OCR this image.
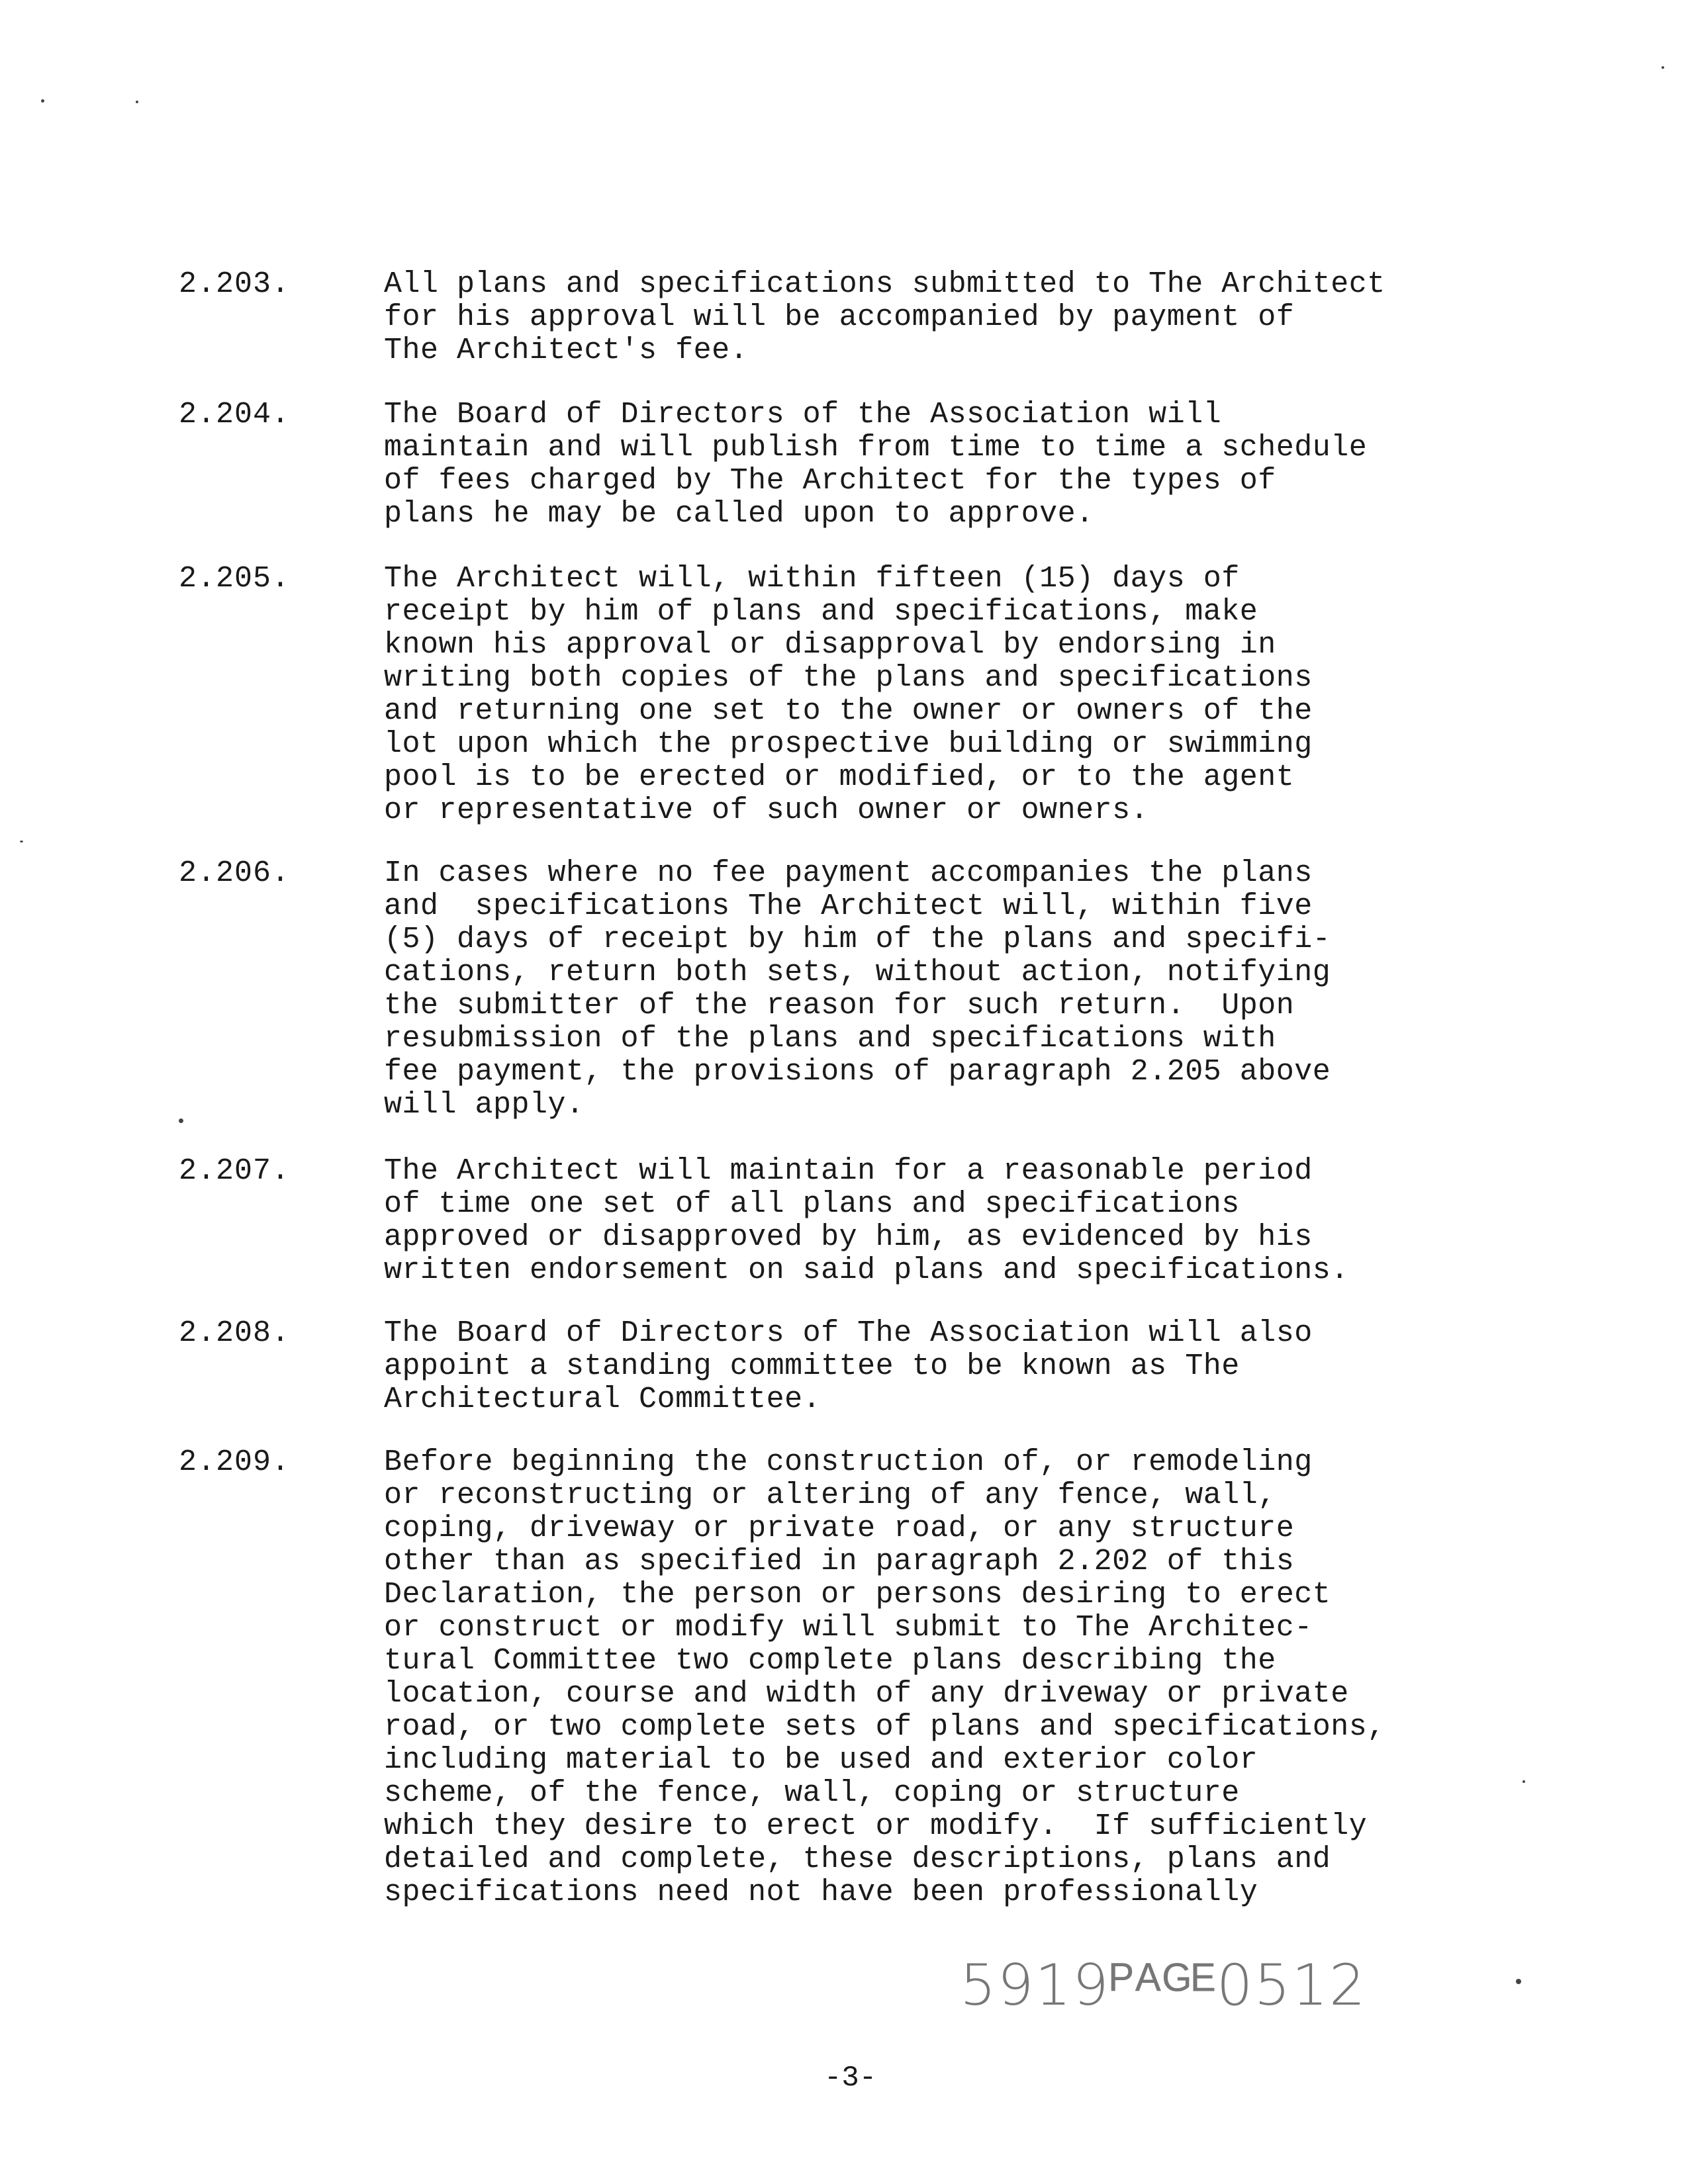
2.203.	All plans and specifications submitted to The Architect
for his approval will be accompanied by payment of
The Architect's fee.
2.204.	The Board of Directors of the Association will
maintain and will publish from time to time a schedule
of fees charged by The Architect for the types of
plans he may be called upon to approve.
2.205.	The Architect will, within fifteen (15) days of
receipt by him of plans and specifications, make
known his approval or disapproval by endorsing in
writing both copies of the plans and specifications
and returning one set to the owner or owners of the
lot upon which the prospective building or swimming
pool is to be erected or modified, or to the agent
or representative of such owner or owners.
2.206.	In cases where no fee payment accompanies the plans
and  specifications The Architect will, within five
(5) days of receipt by him of the plans and specifi-
cations, return both sets, without action, notifying
the submitter of the reason for such return.  Upon
resubmission of the plans and specifications with
fee payment, the provisions of paragraph 2.205 above
will apply.
2.207.	The Architect will maintain for a reasonable period
of time one set of all plans and specifications
approved or disapproved by him, as evidenced by his
written endorsement on said plans and specifications.
2.208.	The Board of Directors of The Association will also
appoint a standing committee to be known as The
Architectural Committee.
2.209.	Before beginning the construction of, or remodeling
or reconstructing or altering of any fence, wall,
coping, driveway or private road, or any structure
other than as specified in paragraph 2.202 of this
Declaration, the person or persons desiring to erect
or construct or modify will submit to The Architec-
tural Committee two complete plans describing the
location, course and width of any driveway or private
road, or two complete sets of plans and specifications,
including material to be used and exterior color
scheme, of the fence, wall, coping or structure
which they desire to erect or modify.  If sufficiently
detailed and complete, these descriptions, plans and
specifications need not have been professionally
5919ᴾᴬᴳᴱ0512
-3-
